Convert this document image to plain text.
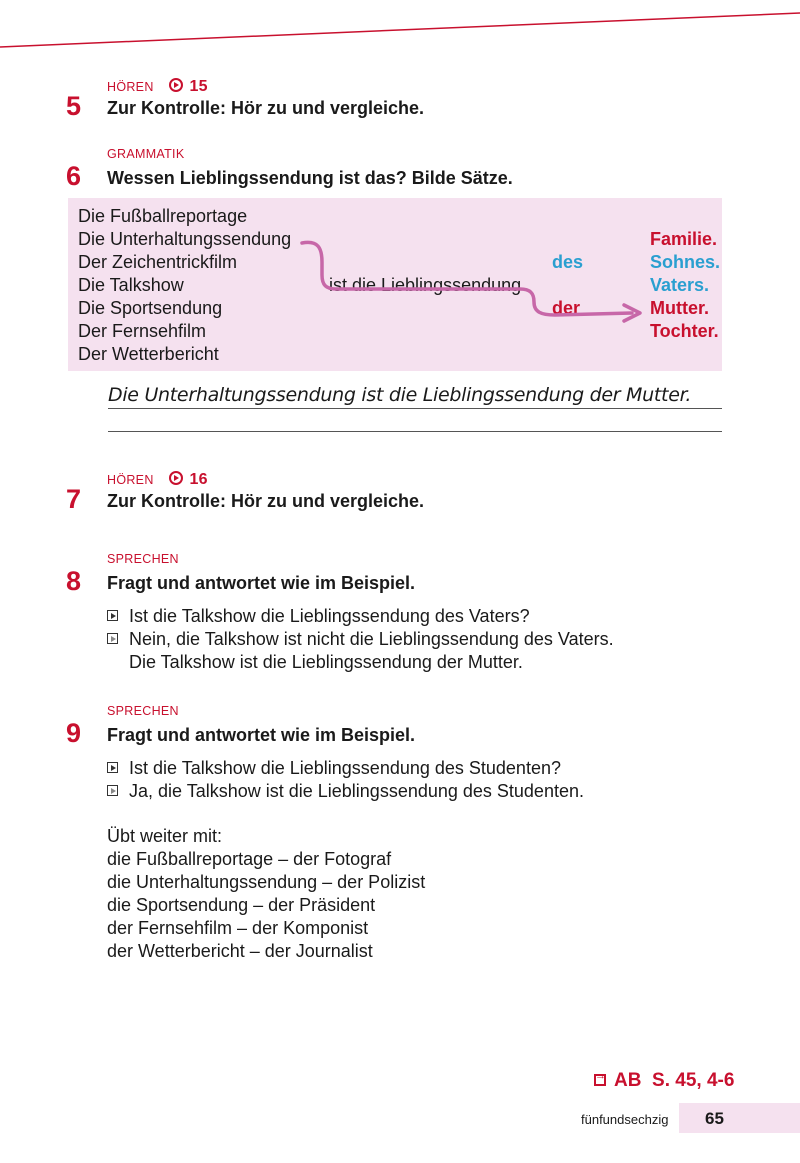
HÖREN 15
5 Zur Kontrolle: Hör zu und vergleiche.
GRAMMATIK
6 Wessen Lieblingssendung ist das? Bilde Sätze.
Die Fußballreportage
Die Unterhaltungssendung
Der Zeichentrickfilm
Die Talkshow
Die Sportsendung
Der Fernsehfilm
Der Wetterbericht
ist die Lieblingssendung
des
der
Familie.
Sohnes.
Vaters.
Mutter.
Tochter.
Die Unterhaltungssendung ist die Lieblingssendung der Mutter.
HÖREN 16
7 Zur Kontrolle: Hör zu und vergleiche.
SPRECHEN
8 Fragt und antwortet wie im Beispiel.
Ist die Talkshow die Lieblingssendung des Vaters?
Nein, die Talkshow ist nicht die Lieblingssendung des Vaters.
Die Talkshow ist die Lieblingssendung der Mutter.
SPRECHEN
9 Fragt und antwortet wie im Beispiel.
Ist die Talkshow die Lieblingssendung des Studenten?
Ja, die Talkshow ist die Lieblingssendung des Studenten.
Übt weiter mit:
die Fußballreportage – der Fotograf
die Unterhaltungssendung – der Polizist
die Sportsendung – der Präsident
der Fernsehfilm – der Komponist
der Wetterbericht – der Journalist
→AB S. 45, 4-6
fünfundsechzig 65
